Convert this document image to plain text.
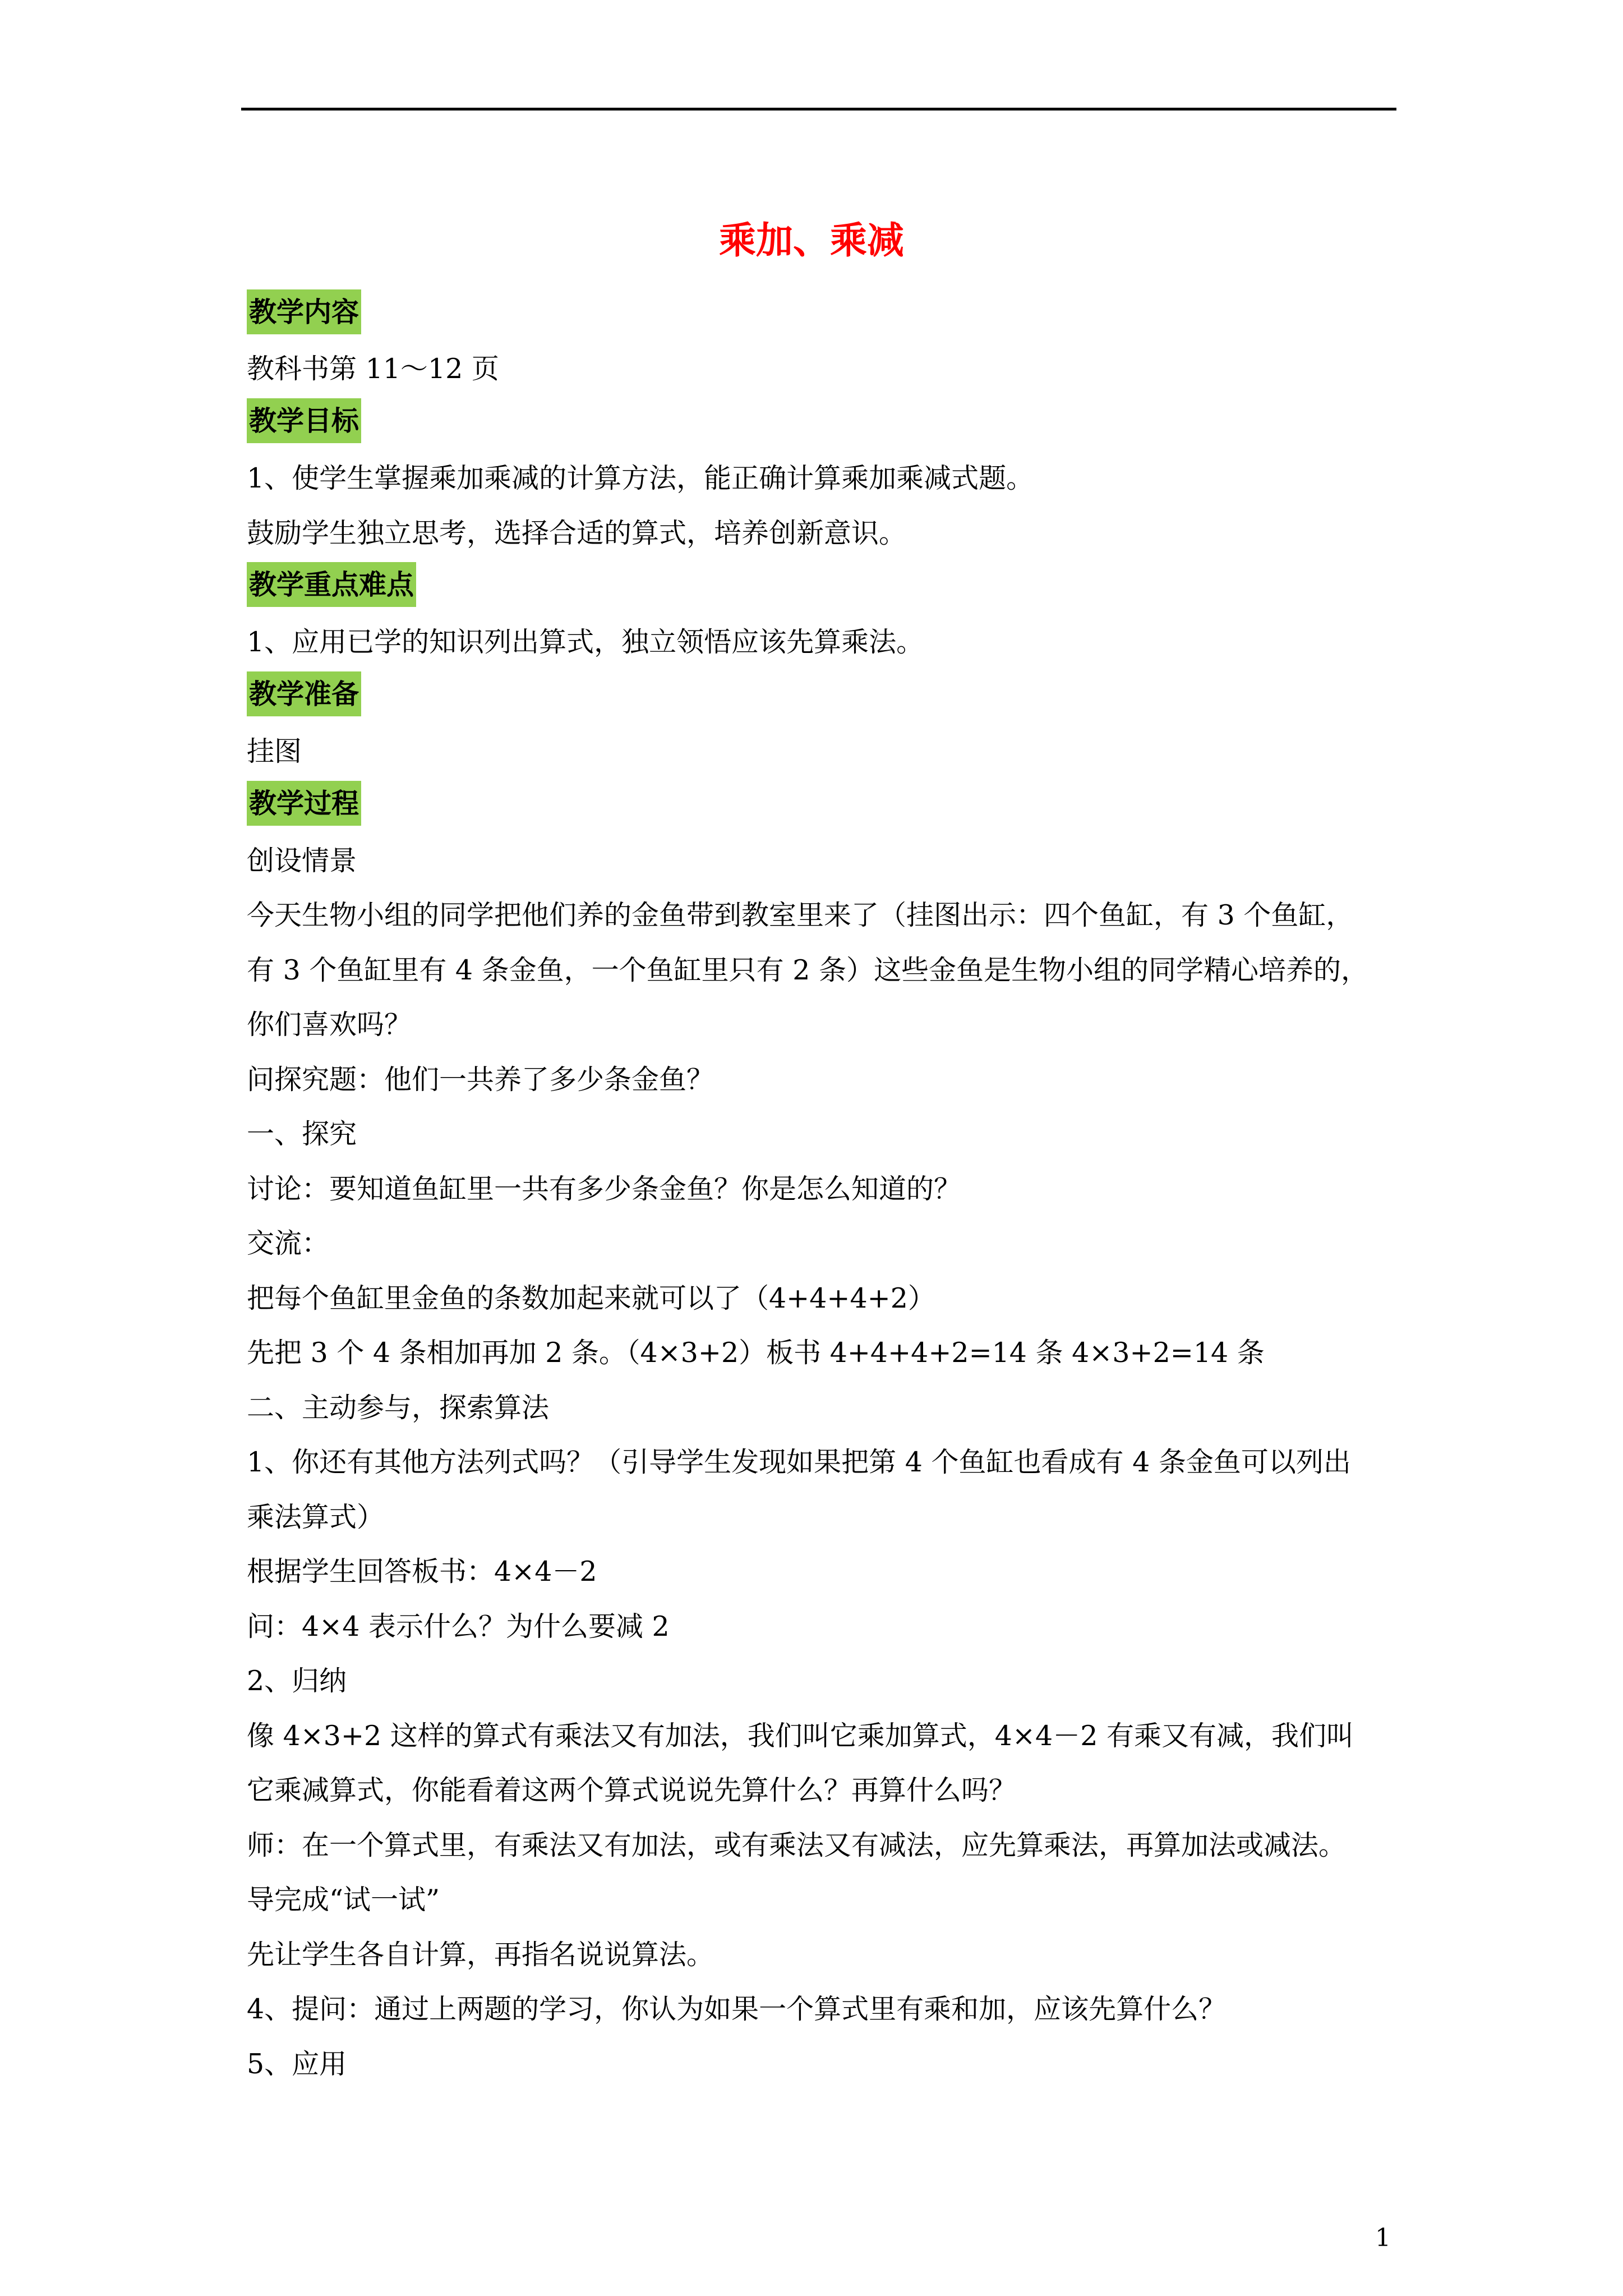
乘加、乘减
教学内容
教科书第 11～12 页
教学目标
1、使学生掌握乘加乘减的计算方法，能正确计算乘加乘减式题。
鼓励学生独立思考，选择合适的算式，培养创新意识。
教学重点难点
1、应用已学的知识列出算式，独立领悟应该先算乘法。
教学准备
挂图
教学过程
创设情景
今天生物小组的同学把他们养的金鱼带到教室里来了（挂图出示：四个鱼缸，有 3 个鱼缸，
有 3 个鱼缸里有 4 条金鱼，一个鱼缸里只有 2 条）这些金鱼是生物小组的同学精心培养的，
你们喜欢吗？
问探究题：他们一共养了多少条金鱼？
一、探究
讨论：要知道鱼缸里一共有多少条金鱼？你是怎么知道的？
交流：
把每个鱼缸里金鱼的条数加起来就可以了（4+4+4+2）
先把 3 个 4 条相加再加 2 条。（4×3+2）板书 4+4+4+2=14 条 4×3+2=14 条
二、主动参与，探索算法
1、你还有其他方法列式吗？（引导学生发现如果把第 4 个鱼缸也看成有 4 条金鱼可以列出
乘法算式）
根据学生回答板书：4×4－2
问：4×4 表示什么？为什么要减 2
2、归纳
像 4×3+2 这样的算式有乘法又有加法，我们叫它乘加算式，4×4－2 有乘又有减，我们叫
它乘减算式，你能看着这两个算式说说先算什么？再算什么吗？
师：在一个算式里，有乘法又有加法，或有乘法又有减法，应先算乘法，再算加法或减法。
导完成“试一试”
先让学生各自计算，再指名说说算法。
4、提问：通过上两题的学习，你认为如果一个算式里有乘和加，应该先算什么？
5、应用
1
